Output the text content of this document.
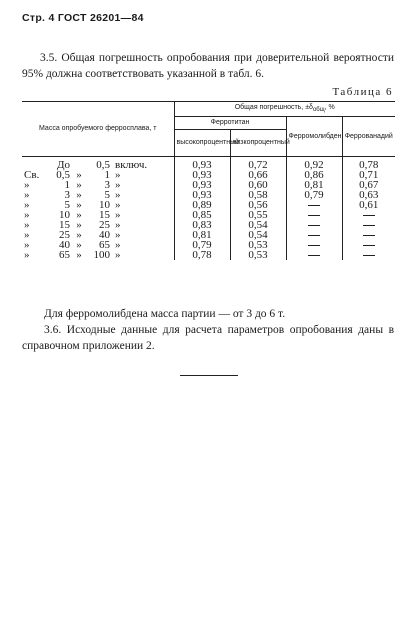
Стр. 4 ГОСТ 26201—84
3.5. Общая погрешность опробования при доверительной вероятности 95% должна соответствовать указанной в табл. 6.
Таблица 6
Масса опробуемого ферросплава, т	Общая погрешность, ±δобщ, %			
	Ферротитан		Ферромолибден	Феррованадий
	высокопроцентный	низкопроцентный		
До 0,5 включ.	0,93	0,72	0,92	0,78
Св. 0,5 » 1 »	0,93	0,66	0,86	0,71
» 1 » 3 »	0,93	0,60	0,81	0,67
» 3 » 5 »	0,93	0,58	0,79	0,63
» 5 » 10 »	0,89	0,56		0,61
» 10 » 15 »	0,85	0,55		
» 15 » 25 »	0,83	0,54		
» 25 » 40 »	0,81	0,54		
» 40 » 65 »	0,79	0,53		
» 65 » 100 »	0,78	0,53		
Для ферромолибдена масса партии — от 3 до 6 т.
3.6. Исходные данные для расчета параметров опробования даны в справочном приложении 2.
